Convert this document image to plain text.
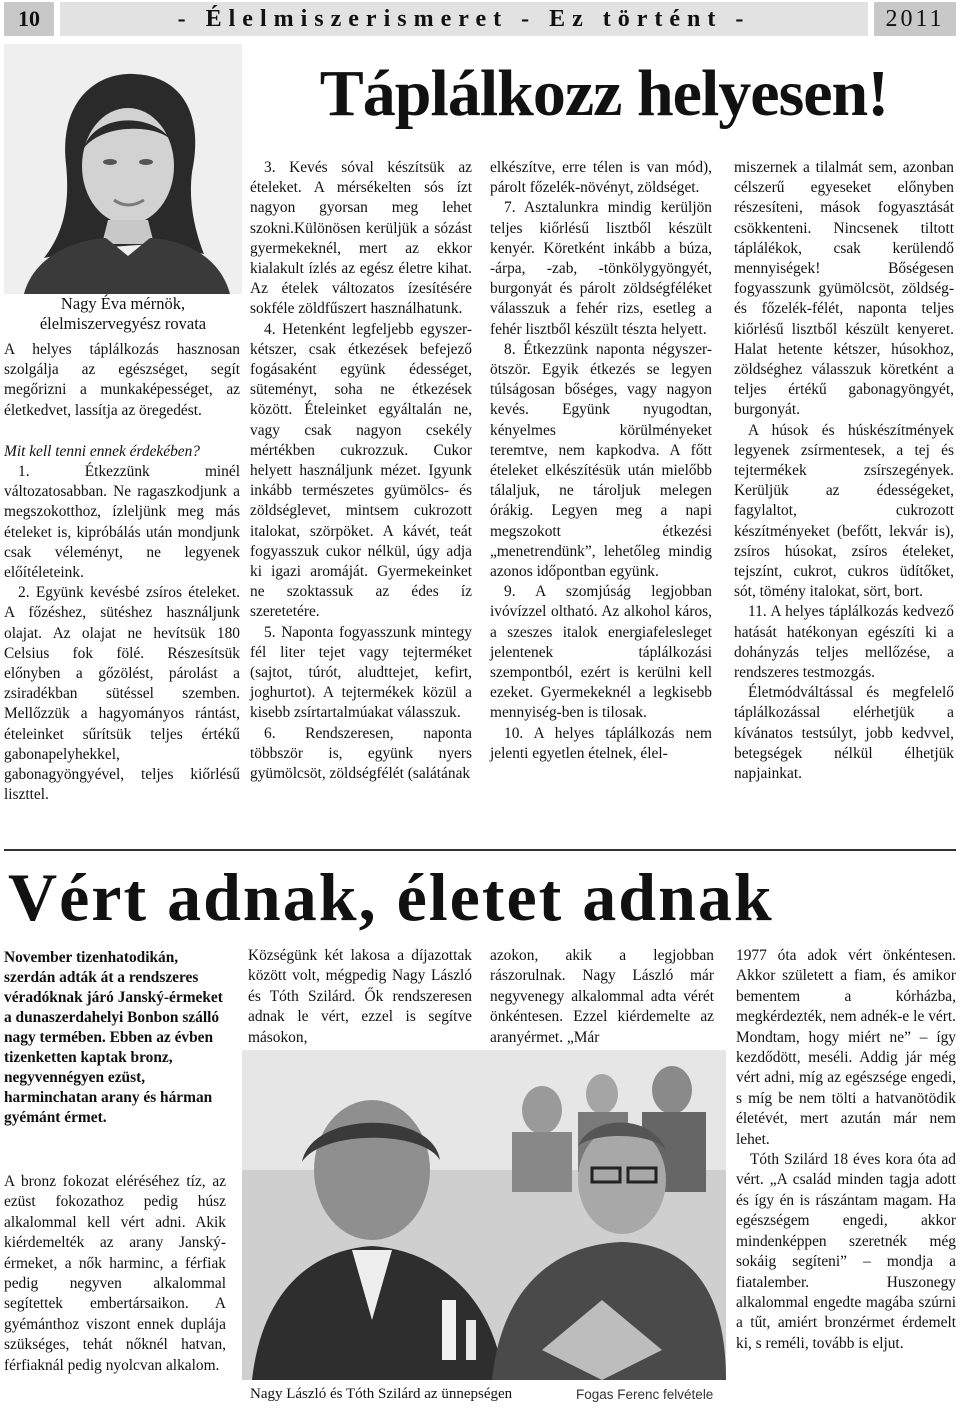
10	- Élelmiszerismeret - Ez történt -	2011
Nagy Éva mérnök,
élelmiszervegyész rovata
Táplálkozz helyesen!

A helyes táplálkozás hasznosan szolgálja az egészséget, segít megőrizni a munkaképességet, az életkedvet, lassítja az öregedést.

Mit kell tenni ennek érdekében?

1. Étkezzünk minél változatosabban. Ne ragaszkodjunk a megszokotthoz, ízleljünk meg más ételeket is, kipróbálás után mondjunk csak véleményt, ne legyenek előítéleteink.

2. Együnk kevésbé zsíros ételeket. A főzéshez, sütéshez használjunk olajat. Az olajat ne hevítsük 180 Celsius fok fölé. Részesítsük előnyben a gőzölést, párolást a zsiradékban sütéssel szemben. Mellőzzük a hagyományos rántást, ételeinket sűrítsük teljes értékű gabonapelyhekkel, gabonagyöngyével, teljes kiőrlésű liszttel.

3. Kevés sóval készítsük az ételeket. A mérsékelten sós ízt nagyon gyorsan meg lehet szokni.Különösen kerüljük a sózást gyermekeknél, mert az ekkor kialakult ízlés az egész életre kihat. Az ételek változatos ízesítésére sokféle zöldfűszert használhatunk.

4. Hetenként legfeljebb egyszer-kétszer, csak étkezések befejező fogásaként együnk édességet, süteményt, soha ne étkezések között. Ételeinket egyáltalán ne, vagy csak nagyon csekély mértékben cukrozzuk. Cukor helyett használjunk mézet. Igyunk inkább természetes gyümölcs- és zöldséglevet, mintsem cukrozott italokat, szörpöket. A kávét, teát fogyasszuk cukor nélkül, úgy adja ki igazi aromáját. Gyermekeinket ne szoktassuk az édes íz szeretetére.

5. Naponta fogyasszunk mintegy fél liter tejet vagy tejterméket (sajtot, túrót, aludttejet, kefirt, joghurtot). A tejtermékek közül a kisebb zsírtartalmúakat válasszuk.

6. Rendszeresen, naponta többször is, együnk nyers gyümölcsöt, zöldségfélét (salátának

elkészítve, erre télen is van mód), párolt főzelék-növényt, zöldséget.

7. Asztalunkra mindig kerüljön teljes kiőrlésű lisztből készült kenyér. Köretként inkább a búza, -árpa, -zab, -tönkölygyöngyét, burgonyát és párolt zöldségféléket válasszuk a fehér rizs, esetleg a fehér lisztből készült tészta helyett.

8. Étkezzünk naponta négyszer-ötször. Egyik étkezés se legyen túlságosan bőséges, vagy nagyon kevés. Együnk nyugodtan, kényelmes körülményeket teremtve, nem kapkodva. A főtt ételeket elkészítésük után mielőbb tálaljuk, ne tároljuk melegen órákig. Legyen meg a napi megszokott étkezési „menetrendünk”, lehetőleg mindig azonos időpontban együnk.

9. A szomjúság legjobban ivóvízzel oltható. Az alkohol káros, a szeszes italok energiafelesleget jelentenek táplálkozási szempontból, ezért is kerülni kell ezeket. Gyermekeknél a legkisebb mennyiség-ben is tilosak.

10. A helyes táplálkozás nem jelenti egyetlen ételnek, élel-

miszernek a tilalmát sem, azonban célszerű egyeseket előnyben részesíteni, mások fogyasztását csökkenteni. Nincsenek tiltott táplálékok, csak kerülendő mennyiségek! Bőségesen fogyasszunk gyümölcsöt, zöldség- és főzelék-félét, naponta teljes kiőrlésű lisztből készült kenyeret. Halat hetente kétszer, húsokhoz, zöldséghez válasszuk köretként a teljes értékű gabonagyöngyét, burgonyát.

A húsok és húskészítmények legyenek zsírmentesek, a tej és tejtermékek zsírszegények. Kerüljük az édességeket, fagylaltot, cukrozott készítményeket (befőtt, lekvár is), zsíros húsokat, zsíros ételeket, tejszínt, cukrot, cukros üdítőket, sót, tömény italokat, sört, bort.

11. A helyes táplálkozás kedvező hatását hatékonyan egészíti ki a dohányzás teljes mellőzése, a rendszeres testmozgás.

Életmódváltással és megfelelő táplálkozással elérhetjük a kívánatos testsúlyt, jobb kedvvel, betegségek nélkül élhetjük napjainkat.

Vért adnak, életet adnak
November tizenhatodikán, szerdán adták át a rendszeres véradóknak járó Janský-érmeket a dunaszerdahelyi Bonbon szálló nagy termében. Ebben az évben tizenketten kaptak bronz, negyvennégyen ezüst, harminchatan arany és hárman gyémánt érmet.

A bronz fokozat eléréséhez tíz, az ezüst fokozathoz pedig húsz alkalommal kell vért adni. Akik kiérdemelték az arany Janský-érmeket, a nők harminc, a férfiak pedig negyven alkalommal segítettek embertársaikon. A gyémánthoz viszont ennek duplája szükséges, tehát nőknél hatvan, férfiaknál pedig nyolcvan alkalom.

Községünk két lakosa a díjazottak között volt, mégpedig Nagy László és Tóth Szilárd. Ők rendszeresen adnak le vért, ezzel is segítve másokon,

azokon, akik a legjobban rászorulnak. Nagy László már negyvenegy alkalommal adta vérét önkéntesen. Ezzel kiérdemelte az aranyérmet. „Már

1977 óta adok vért önkéntesen. Akkor született a fiam, és amikor bementem a kórházba, megkérdezték, nem adnék-e le vért. Mondtam, hogy miért ne” – így kezdődött, meséli. Addig jár még vért adni, míg az egészsége engedi, s míg be nem tölti a hatvanötödik életévét, mert azután már nem lehet.

Tóth Szilárd 18 éves kora óta ad vért. „A család minden tagja adott és így én is rászántam magam. Ha egészségem engedi, akkor mindenképpen szeretnék még sokáig segíteni” – mondja a fiatalember. Huszonegy alkalommal engedte magába szúrni a tűt, amiért bronzérmet érdemelt ki, s reméli, tovább is eljut.

Nagy László és Tóth Szilárd az ünnepségen	Fogas Ferenc felvétele
